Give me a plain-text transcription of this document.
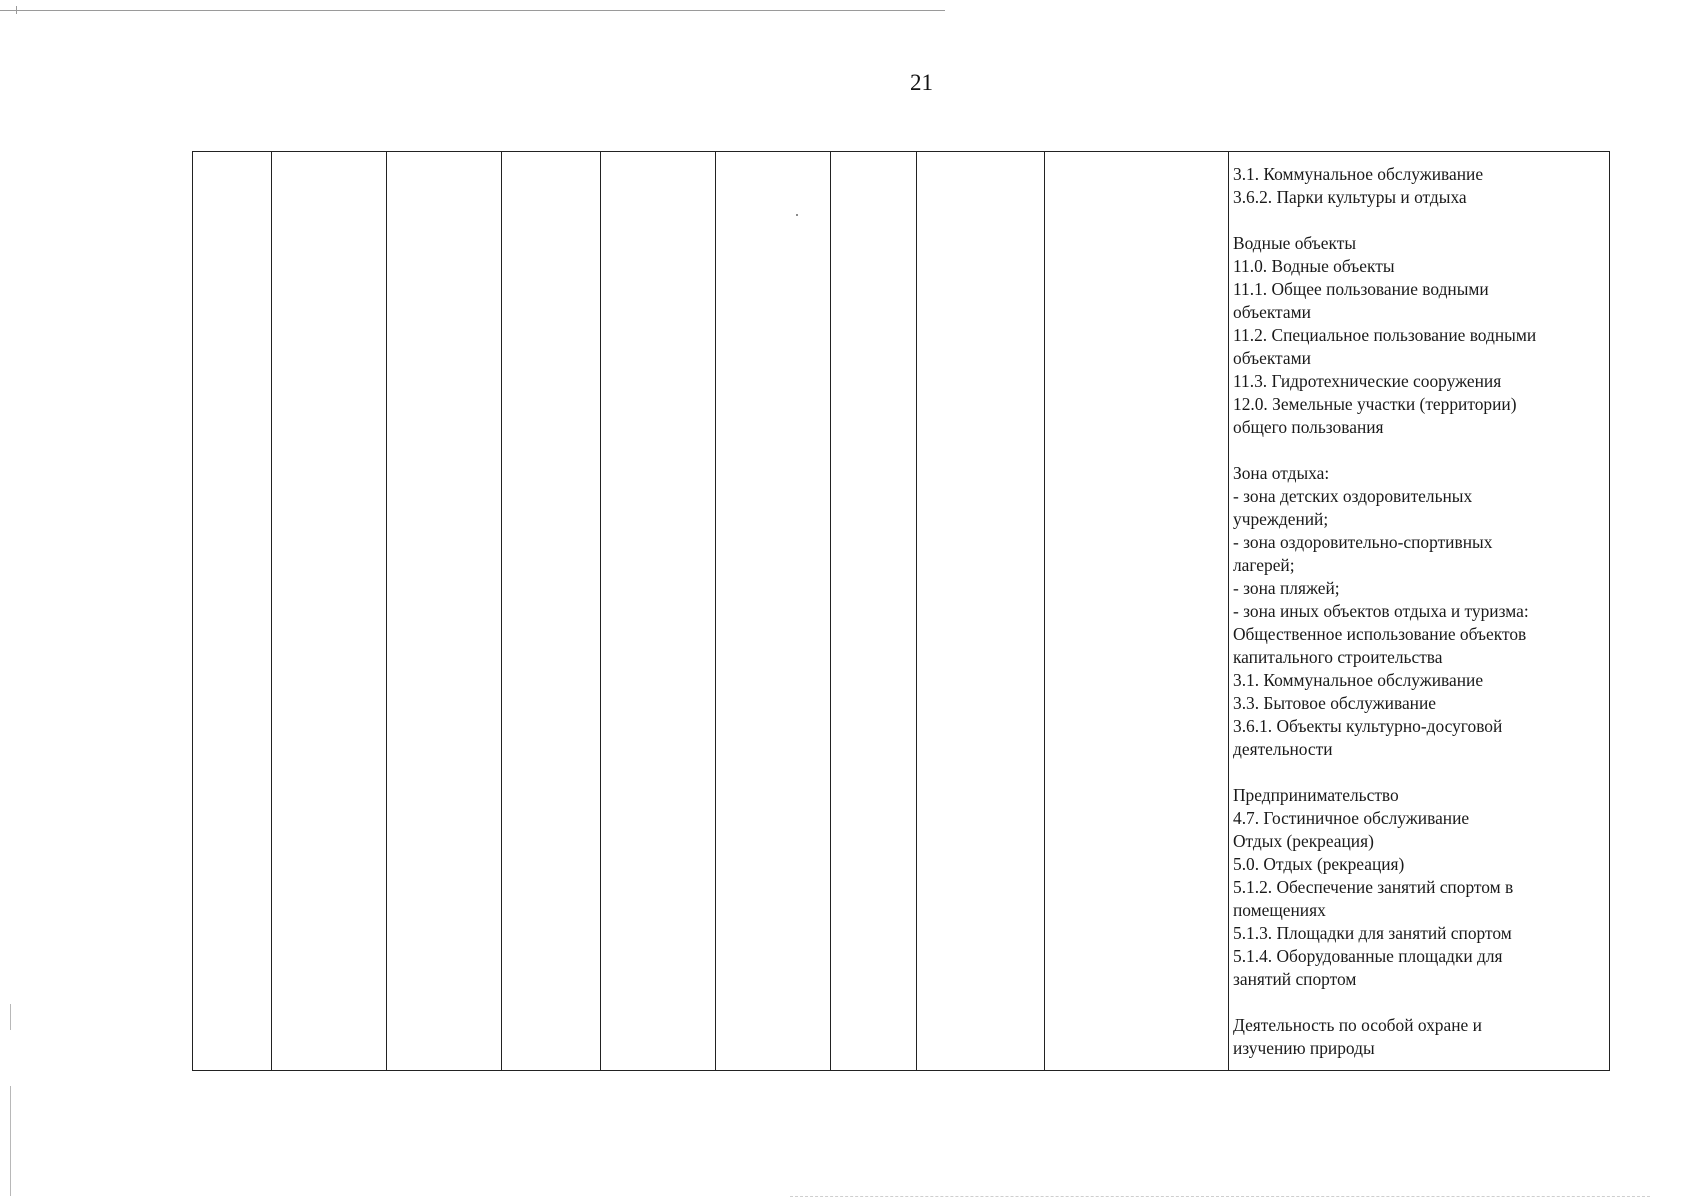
21
3.1. Коммунальное обслуживание
3.6.2. Парки культуры и отдыха
Водные объекты
11.0. Водные объекты
11.1. Общее пользование водными
объектами
11.2. Специальное пользование водными
объектами
11.3. Гидротехнические сооружения
12.0. Земельные участки (территории)
общего пользования
Зона отдыха:
- зона детских оздоровительных
учреждений;
- зона оздоровительно-спортивных
лагерей;
- зона пляжей;
- зона иных объектов отдыха и туризма:
Общественное использование объектов
капитального строительства
3.1. Коммунальное обслуживание
3.3. Бытовое обслуживание
3.6.1. Объекты культурно-досуговой
деятельности
Предпринимательство
4.7. Гостиничное обслуживание
Отдых (рекреация)
5.0. Отдых (рекреация)
5.1.2. Обеспечение занятий спортом в
помещениях
5.1.3. Площадки для занятий спортом
5.1.4. Оборудованные площадки для
занятий спортом
Деятельность по особой охране и
изучению природы
